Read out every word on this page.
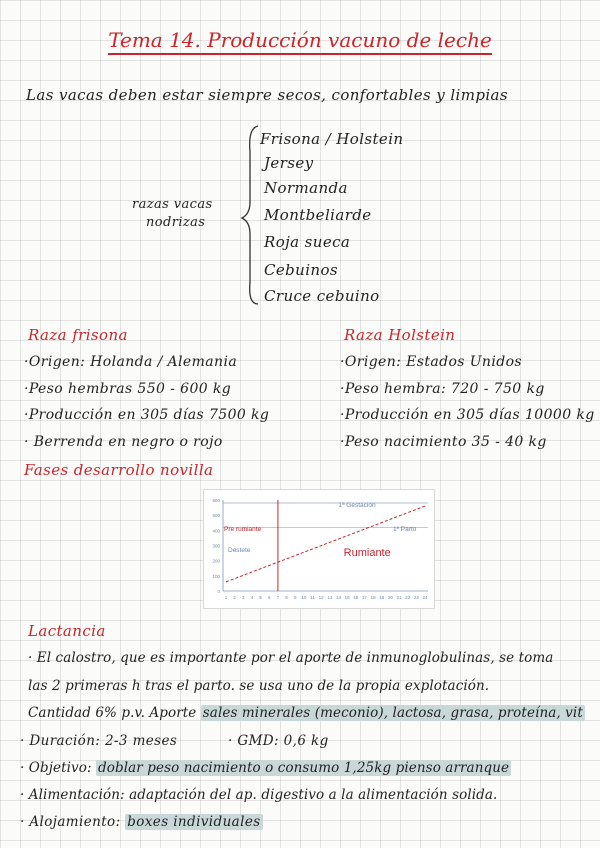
Tema 14. Producción vacuno de leche
Las vacas deben estar siempre secos, confortables y limpias
razas vacas
nodrizas
Frisona / Holstein
Jersey
Normanda
Montbeliarde
Roja sueca
Cebuinos
Cruce cebuino
Raza frisona
·Origen: Holanda / Alemania
·Peso hembras 550 - 600 kg
·Producción en 305 días 7500 kg
· Berrenda en negro o rojo
Raza Holstein
·Origen: Estados Unidos
·Peso hembra: 720 - 750 kg
·Producción en 305 días 10000 kg
·Peso nacimiento 35 - 40 kg
Fases desarrollo novilla
0
100
200
300
400
500
600
1 2 3 4 5 6 7 8 9 10 11 12 13 14 15 16 17 18 19 20 21 22 23 24
1ª Gestación
1ª Parto
Pre rumiante
Destete	Rumiante
Lactancia
· El calostro, que es importante por el aporte de inmunoglobulinas, se toma
las 2 primeras h tras el parto. se usa uno de la propia explotación.
Cantidad 6% p.v. Aporte sales minerales (meconio), lactosa, grasa, proteína, vit
· Duración: 2-3 meses	· GMD: 0,6 kg
· Objetivo: doblar peso nacimiento o consumo 1,25kg pienso arranque
· Alimentación: adaptación del ap. digestivo a la alimentación solida.
· Alojamiento: boxes individuales
